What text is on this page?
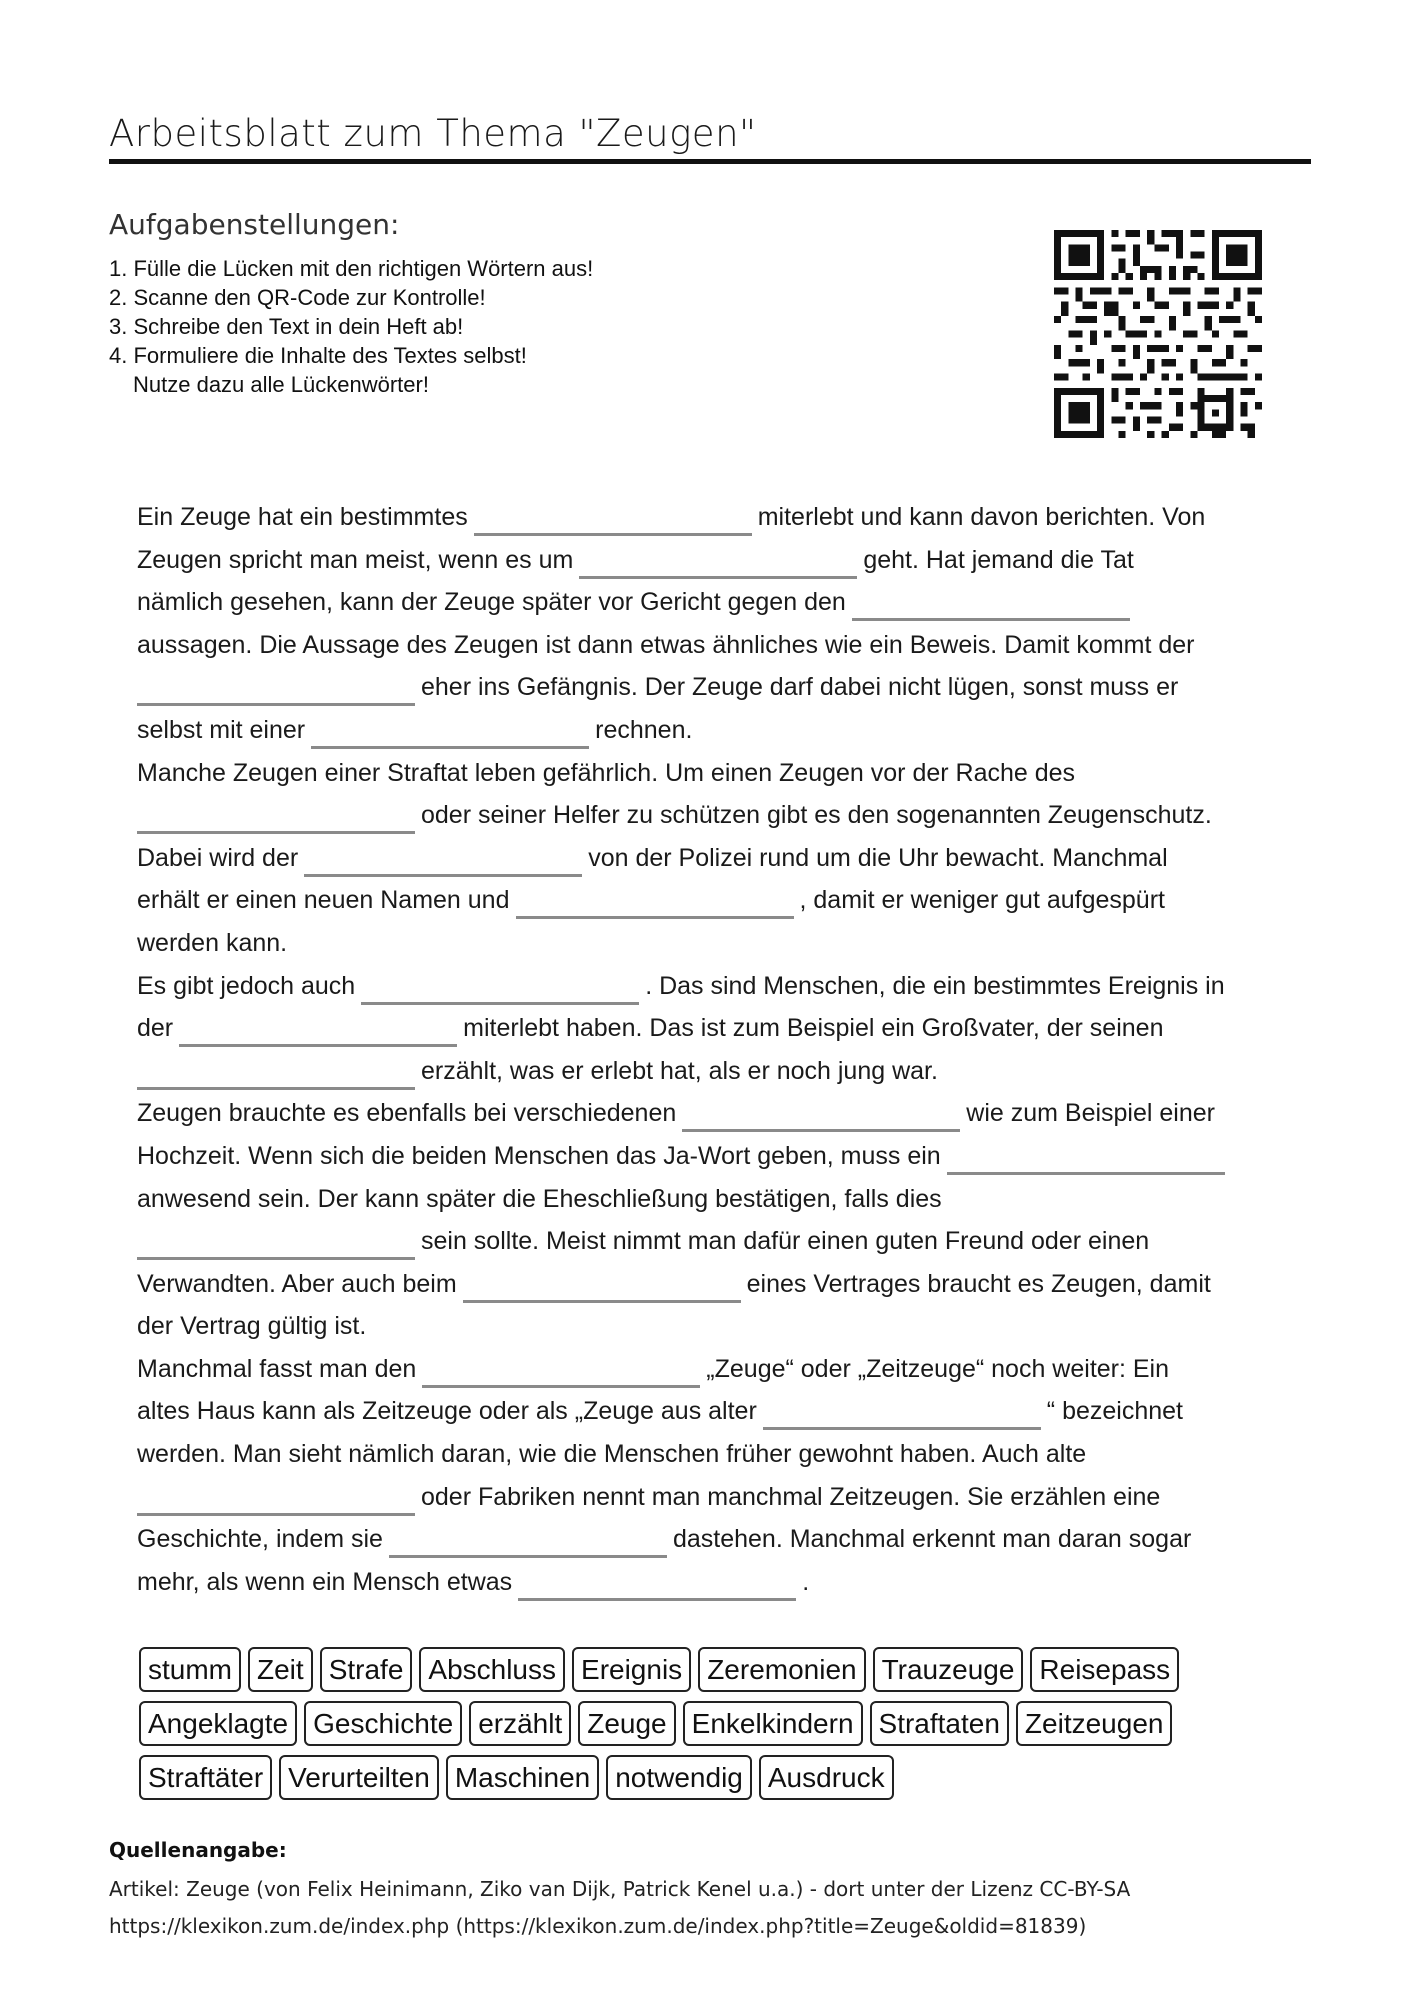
Arbeitsblatt zum Thema "Zeugen"
Aufgabenstellungen:
1. Fülle die Lücken mit den richtigen Wörtern aus!
2. Scanne den QR-Code zur Kontrolle!
3. Schreibe den Text in dein Heft ab!
4. Formuliere die Inhalte des Textes selbst!
Nutze dazu alle Lückenwörter!
Ein Zeuge hat ein bestimmtes	miterlebt und kann davon berichten. Von
Zeugen spricht man meist, wenn es um	geht. Hat jemand die Tat
nämlich gesehen, kann der Zeuge später vor Gericht gegen den
aussagen. Die Aussage des Zeugen ist dann etwas ähnliches wie ein Beweis. Damit kommt der
eher ins Gefängnis. Der Zeuge darf dabei nicht lügen, sonst muss er
selbst mit einer	rechnen.
Manche Zeugen einer Straftat leben gefährlich. Um einen Zeugen vor der Rache des
oder seiner Helfer zu schützen gibt es den sogenannten Zeugenschutz.
Dabei wird der	von der Polizei rund um die Uhr bewacht. Manchmal
erhält er einen neuen Namen und	, damit er weniger gut aufgespürt
werden kann.
Es gibt jedoch auch	. Das sind Menschen, die ein bestimmtes Ereignis in
der	miterlebt haben. Das ist zum Beispiel ein Großvater, der seinen
erzählt, was er erlebt hat, als er noch jung war.
Zeugen brauchte es ebenfalls bei verschiedenen	wie zum Beispiel einer
Hochzeit. Wenn sich die beiden Menschen das Ja-Wort geben, muss ein
anwesend sein. Der kann später die Eheschließung bestätigen, falls dies
sein sollte. Meist nimmt man dafür einen guten Freund oder einen
Verwandten. Aber auch beim	eines Vertrages braucht es Zeugen, damit
der Vertrag gültig ist.
Manchmal fasst man den	„Zeuge“ oder „Zeitzeuge“ noch weiter: Ein
altes Haus kann als Zeitzeuge oder als „Zeuge aus alter	“ bezeichnet
werden. Man sieht nämlich daran, wie die Menschen früher gewohnt haben. Auch alte
oder Fabriken nennt man manchmal Zeitzeugen. Sie erzählen eine
Geschichte, indem sie	dastehen. Manchmal erkennt man daran sogar
mehr, als wenn ein Mensch etwas	.
stumm Zeit Strafe Abschluss Ereignis Zeremonien Trauzeuge Reisepass
Angeklagte Geschichte erzählt Zeuge Enkelkindern Straftaten Zeitzeugen
Straftäter Verurteilten Maschinen notwendig Ausdruck
Quellenangabe:
Artikel: Zeuge (von Felix Heinimann, Ziko van Dijk, Patrick Kenel u.a.) - dort unter der Lizenz CC-BY-SA
https://klexikon.zum.de/index.php (https://klexikon.zum.de/index.php?title=Zeuge&oldid=81839)
